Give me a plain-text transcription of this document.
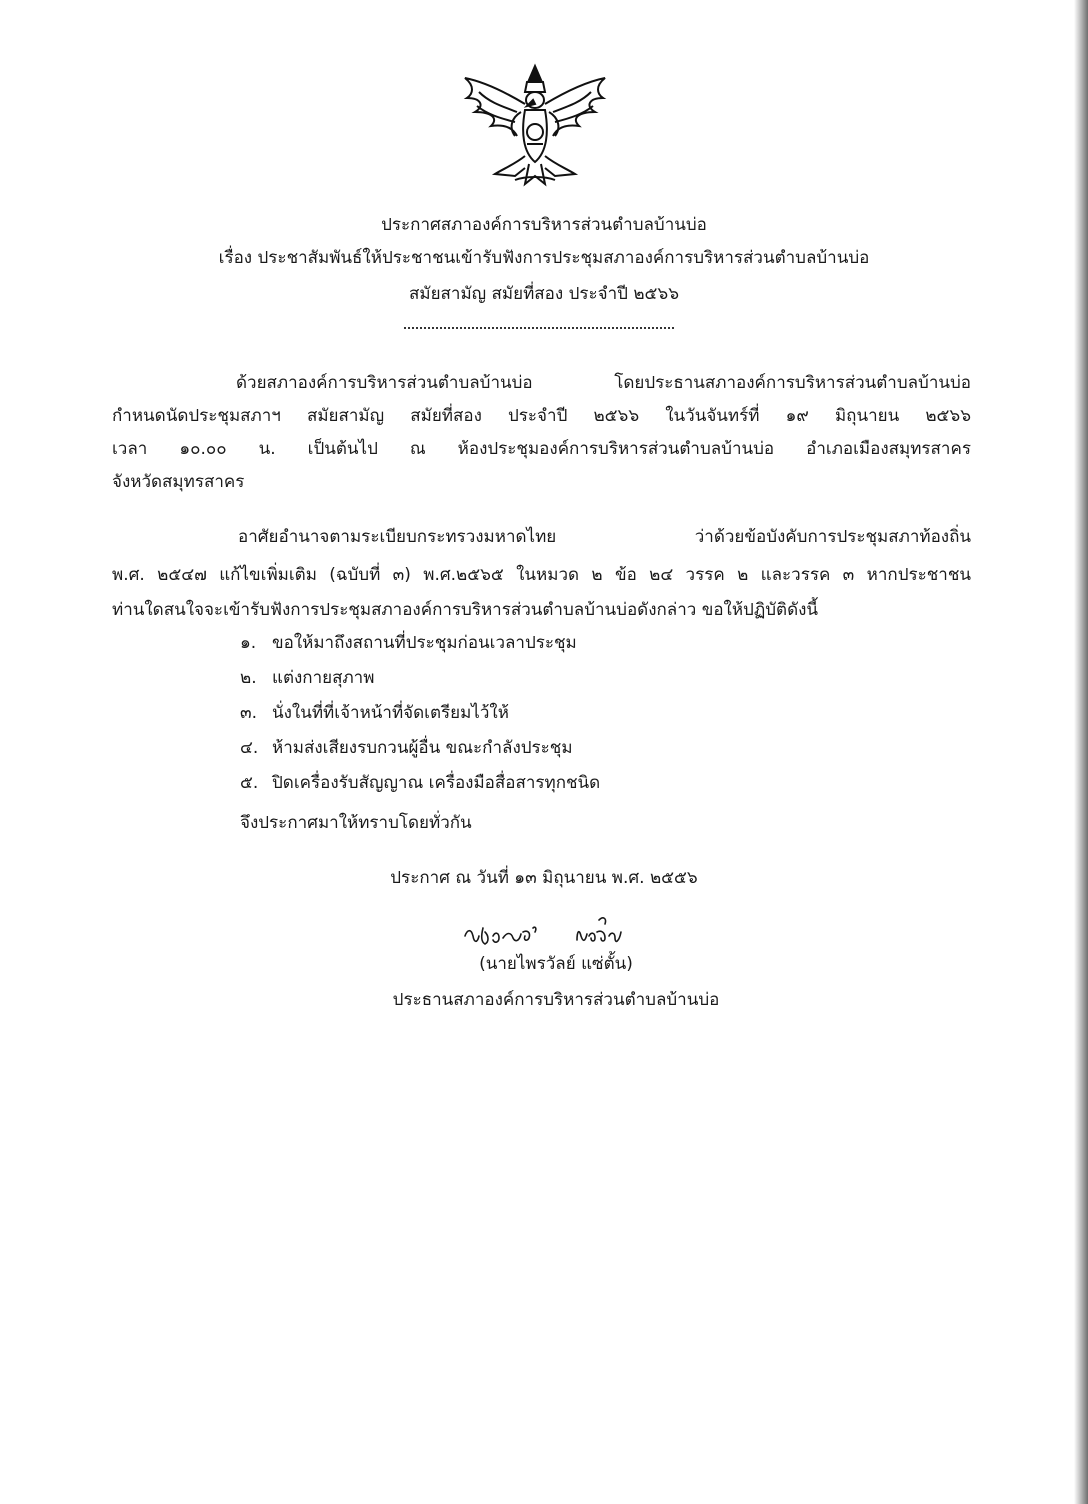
ประกาศสภาองค์การบริหารส่วนตำบลบ้านบ่อ
เรื่อง ประชาสัมพันธ์ให้ประชาชนเข้ารับฟังการประชุมสภาองค์การบริหารส่วนตำบลบ้านบ่อ
สมัยสามัญ สมัยที่สอง ประจำปี ๒๕๖๖
ด้วยสภาองค์การบริหารส่วนตำบลบ้านบ่อ โดยประธานสภาองค์การบริหารส่วนตำบลบ้านบ่อ
กำหนดนัดประชุมสภาฯ สมัยสามัญ สมัยที่สอง ประจำปี ๒๕๖๖ ในวันจันทร์ที่ ๑๙ มิถุนายน ๒๕๖๖
เวลา ๑๐.๐๐ น. เป็นต้นไป ณ ห้องประชุมองค์การบริหารส่วนตำบลบ้านบ่อ อำเภอเมืองสมุทรสาคร
จังหวัดสมุทรสาคร
อาศัยอำนาจตามระเบียบกระทรวงมหาดไทย ว่าด้วยข้อบังคับการประชุมสภาท้องถิ่น
พ.ศ. ๒๕๔๗ แก้ไขเพิ่มเติม (ฉบับที่ ๓) พ.ศ.๒๕๖๕ ในหมวด ๒ ข้อ ๒๔ วรรค ๒ และวรรค ๓ หากประชาชน
ท่านใดสนใจจะเข้ารับฟังการประชุมสภาองค์การบริหารส่วนตำบลบ้านบ่อดังกล่าว ขอให้ปฏิบัติดังนี้
๑. ขอให้มาถึงสถานที่ประชุมก่อนเวลาประชุม
๒. แต่งกายสุภาพ
๓. นั่งในที่ที่เจ้าหน้าที่จัดเตรียมไว้ให้
๔. ห้ามส่งเสียงรบกวนผู้อื่น ขณะกำลังประชุม
๕. ปิดเครื่องรับสัญญาณ เครื่องมือสื่อสารทุกชนิด
จึงประกาศมาให้ทราบโดยทั่วกัน
ประกาศ ณ วันที่ ๑๓ มิถุนายน พ.ศ. ๒๕๕๖
(นายไพรวัลย์ แซ่ตั้น)
ประธานสภาองค์การบริหารส่วนตำบลบ้านบ่อ
